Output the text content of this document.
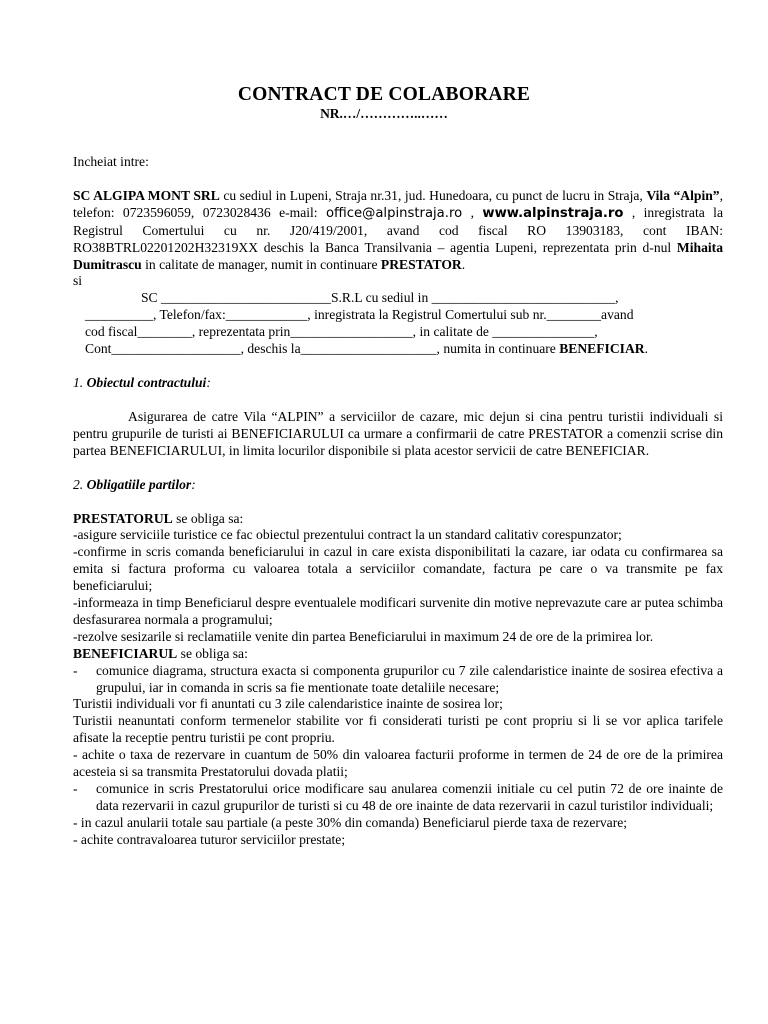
CONTRACT DE COLABORARE
NR.…/…………..……

Incheiat intre:

SC ALGIPA MONT SRL cu sediul in Lupeni, Straja nr.31, jud. Hunedoara, cu punct de lucru in Straja, Vila “Alpin”, telefon: 0723596059, 0723028436 e-mail: office@alpinstraja.ro , www.alpinstraja.ro , inregistrata la Registrul Comertului cu nr. J20/419/2001, avand cod fiscal RO 13903183, cont IBAN: RO38BTRL02201202H32319XX deschis la Banca Transilvania – agentia Lupeni, reprezentata prin d-nul Mihaita Dumitrascu in calitate de manager, numit in continuare PRESTATOR.

si

SC _________________________S.R.L cu sediul in ___________________________,

__________, Telefon/fax:____________, inregistrata la Registrul Comertului sub nr.________avand

cod fiscal________, reprezentata prin__________________, in calitate de _______________,

Cont___________________, deschis la____________________, numita in continuare BENEFICIAR.

1. Obiectul contractului:

Asigurarea de catre Vila “ALPIN” a serviciilor de cazare, mic dejun si cina pentru turistii individuali si pentru grupurile de turisti ai BENEFICIARULUI ca urmare a confirmarii de catre PRESTATOR a comenzii scrise din partea BENEFICIARULUI, in limita locurilor disponibile si plata acestor servicii de catre BENEFICIAR.

2. Obligatiile partilor:

PRESTATORUL se obliga sa:

-asigure serviciile turistice ce fac obiectul prezentului contract la un standard calitativ corespunzator;

-confirme in scris comanda beneficiarului in cazul in care exista disponibilitati la cazare, iar odata cu confirmarea sa emita si factura proforma cu valoarea totala a serviciilor comandate, factura pe care o va transmite pe fax beneficiarului;

-informeaza in timp Beneficiarul despre eventualele modificari survenite din motive neprevazute care ar putea schimba desfasurarea normala a programului;

-rezolve sesizarile si reclamatiile venite din partea Beneficiarului in maximum 24 de ore de la primirea lor.

BENEFICIARUL se obliga sa:

-	comunice diagrama, structura exacta si componenta grupurilor cu 7 zile calendaristice inainte de sosirea efectiva a grupului, iar in comanda in scris sa fie mentionate toate detaliile necesare;

Turistii individuali vor fi anuntati cu 3 zile calendaristice inainte de sosirea lor;

Turistii neanuntati conform termenelor stabilite vor fi considerati turisti pe cont propriu si li se vor aplica tarifele afisate la receptie pentru turistii pe cont propriu.

- achite o taxa de rezervare in cuantum de 50% din valoarea facturii proforme in termen de 24 de ore de la primirea acesteia si sa transmita Prestatorului dovada platii;

-	comunice in scris Prestatorului orice modificare sau anularea comenzii initiale cu cel putin 72 de ore inainte de data rezervarii in cazul grupurilor de turisti si cu 48 de ore inainte de data rezervarii in cazul turistilor individuali;

- in cazul anularii totale sau partiale (a peste 30% din comanda) Beneficiarul pierde taxa de rezervare;

- achite contravaloarea tuturor serviciilor prestate;
